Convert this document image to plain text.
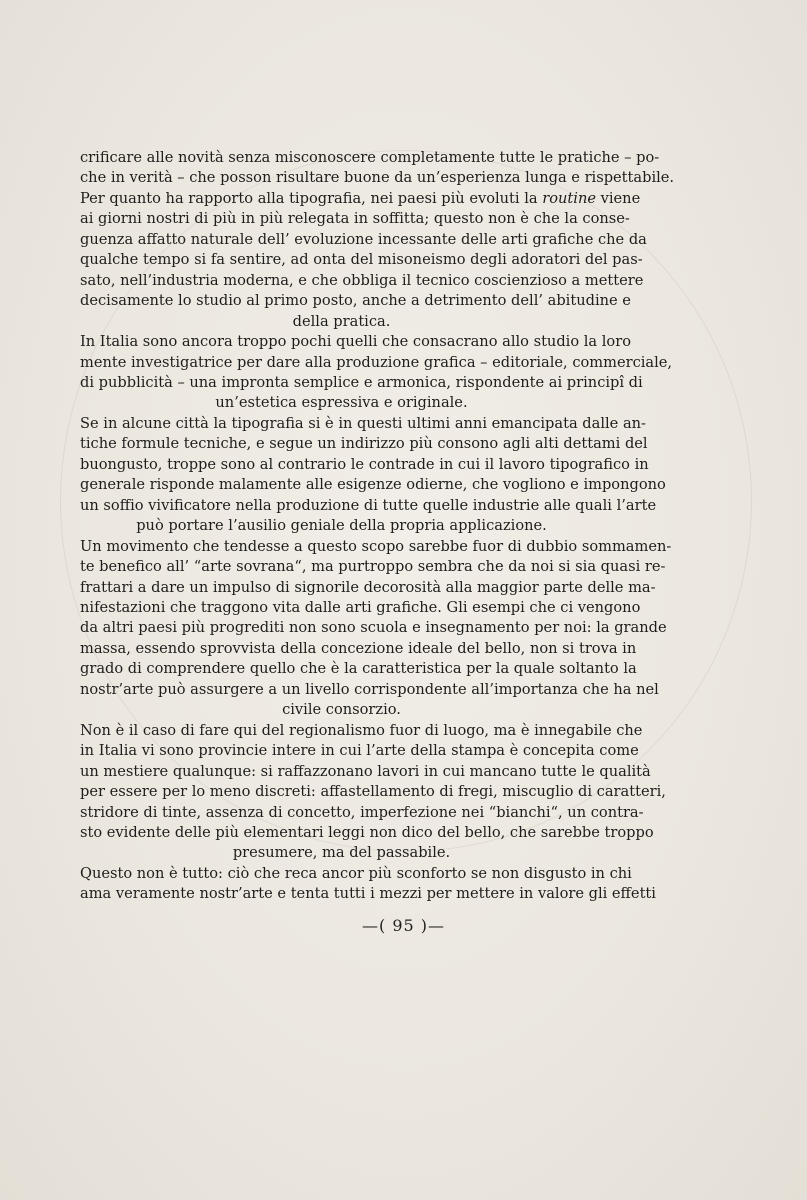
crificare alle novità senza misconoscere completamente tutte le pratiche – po-
che in verità – che posson risultare buone da un’esperienza lunga e rispettabile.
Per quanto ha rapporto alla tipografia, nei paesi più evoluti la routine viene
ai giorni nostri di più in più relegata in soffitta; questo non è che la conse-
guenza affatto naturale dell’ evoluzione incessante delle arti grafiche che da
qualche tempo si fa sentire, ad onta del misoneismo degli adoratori del pas-
sato, nell’industria moderna, e che obbliga il tecnico coscienzioso a mettere
decisamente lo studio al primo posto, anche a detrimento dell’ abitudine e
della pratica.
In Italia sono ancora troppo pochi quelli che consacrano allo studio la loro
mente investigatrice per dare alla produzione grafica – editoriale, commerciale,
di pubblicità – una impronta semplice e armonica, rispondente ai principî di
un’estetica espressiva e originale.
Se in alcune città la tipografia si è in questi ultimi anni emancipata dalle an-
tiche formule tecniche, e segue un indirizzo più consono agli alti dettami del
buongusto, troppe sono al contrario le contrade in cui il lavoro tipografico in
generale risponde malamente alle esigenze odierne, che vogliono e impongono
un soffio vivificatore nella produzione di tutte quelle industrie alle quali l’arte
può portare l’ausilio geniale della propria applicazione.
Un movimento che tendesse a questo scopo sarebbe fuor di dubbio sommamen-
te benefico all’ “arte sovrana“, ma purtroppo sembra che da noi si sia quasi re-
frattari a dare un impulso di signorile decorosità alla maggior parte delle ma-
nifestazioni che traggono vita dalle arti grafiche. Gli esempi che ci vengono
da altri paesi più progrediti non sono scuola e insegnamento per noi: la grande
massa, essendo sprovvista della concezione ideale del bello, non si trova in
grado di comprendere quello che è la caratteristica per la quale soltanto la
nostr’arte può assurgere a un livello corrispondente all’importanza che ha nel
civile consorzio.
Non è il caso di fare qui del regionalismo fuor di luogo, ma è innegabile che
in Italia vi sono provincie intere in cui l’arte della stampa è concepita come
un mestiere qualunque: si raffazzonano lavori in cui mancano tutte le qualità
per essere per lo meno discreti: affastellamento di fregi, miscuglio di caratteri,
stridore di tinte, assenza di concetto, imperfezione nei “bianchi“, un contra-
sto evidente delle più elementari leggi non dico del bello, che sarebbe troppo
presumere, ma del passabile.
Questo non è tutto: ciò che reca ancor più sconforto se non disgusto in chi
ama veramente nostr’arte e tenta tutti i mezzi per mettere in valore gli effetti
—( 95 )—
